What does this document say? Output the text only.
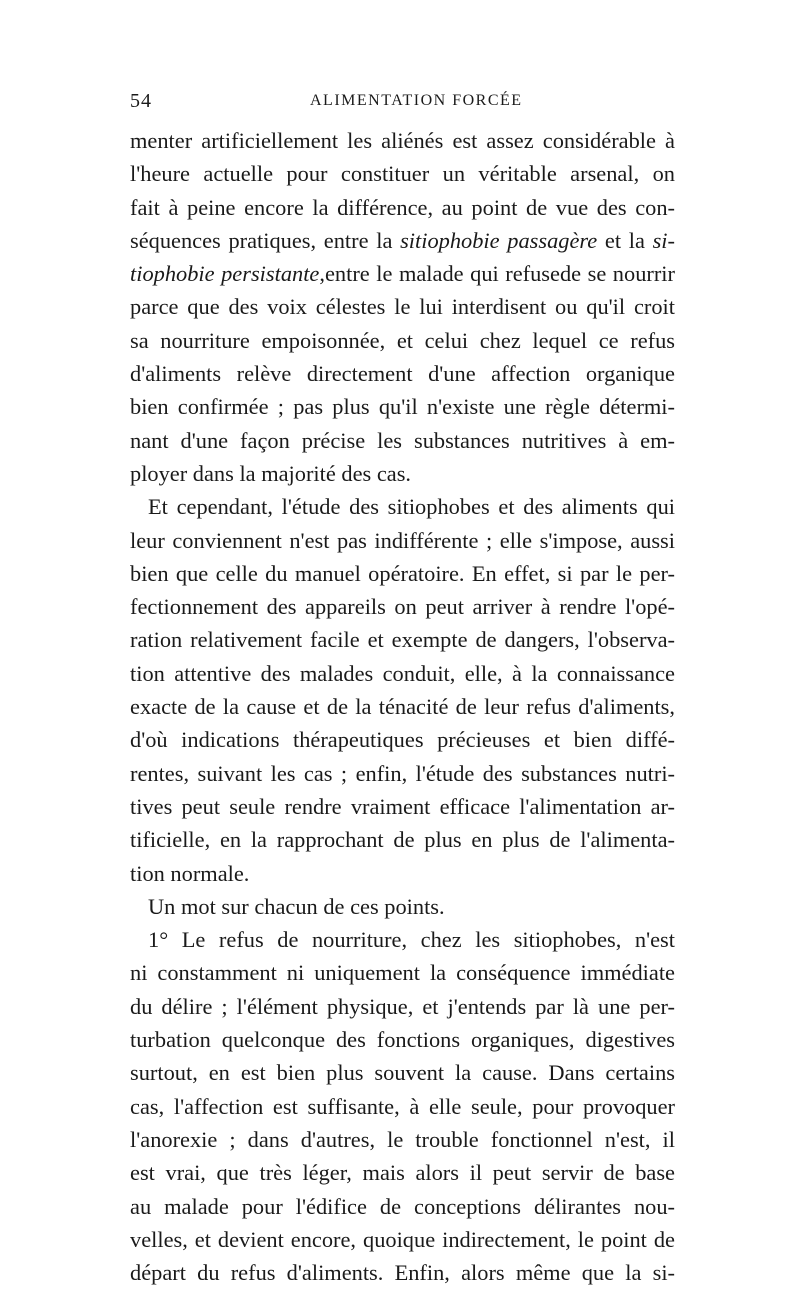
54	ALIMENTATION FORCÉE
menter artificiellement les aliénés est assez considérable à
l'heure actuelle pour constituer un véritable arsenal, on
fait à peine encore la différence, au point de vue des con-
séquences pratiques, entre la sitiophobie passagère et la si-
tiophobie persistante,entre le malade qui refusede se nourrir
parce que des voix célestes le lui interdisent ou qu'il croit
sa nourriture empoisonnée, et celui chez lequel ce refus
d'aliments relève directement d'une affection organique
bien confirmée ; pas plus qu'il n'existe une règle détermi-
nant d'une façon précise les substances nutritives à em-
ployer dans la majorité des cas.
Et cependant, l'étude des sitiophobes et des aliments qui
leur conviennent n'est pas indifférente ; elle s'impose, aussi
bien que celle du manuel opératoire. En effet, si par le per-
fectionnement des appareils on peut arriver à rendre l'opé-
ration relativement facile et exempte de dangers, l'observa-
tion attentive des malades conduit, elle, à la connaissance
exacte de la cause et de la ténacité de leur refus d'aliments,
d'où indications thérapeutiques précieuses et bien diffé-
rentes, suivant les cas ; enfin, l'étude des substances nutri-
tives peut seule rendre vraiment efficace l'alimentation ar-
tificielle, en la rapprochant de plus en plus de l'alimenta-
tion normale.
Un mot sur chacun de ces points.
1° Le refus de nourriture, chez les sitiophobes, n'est
ni constamment ni uniquement la conséquence immédiate
du délire ; l'élément physique, et j'entends par là une per-
turbation quelconque des fonctions organiques, digestives
surtout, en est bien plus souvent la cause. Dans certains
cas, l'affection est suffisante, à elle seule, pour provoquer
l'anorexie ; dans d'autres, le trouble fonctionnel n'est, il
est vrai, que très léger, mais alors il peut servir de base
au malade pour l'édifice de conceptions délirantes nou-
velles, et devient encore, quoique indirectement, le point de
départ du refus d'aliments. Enfin, alors même que la si-
